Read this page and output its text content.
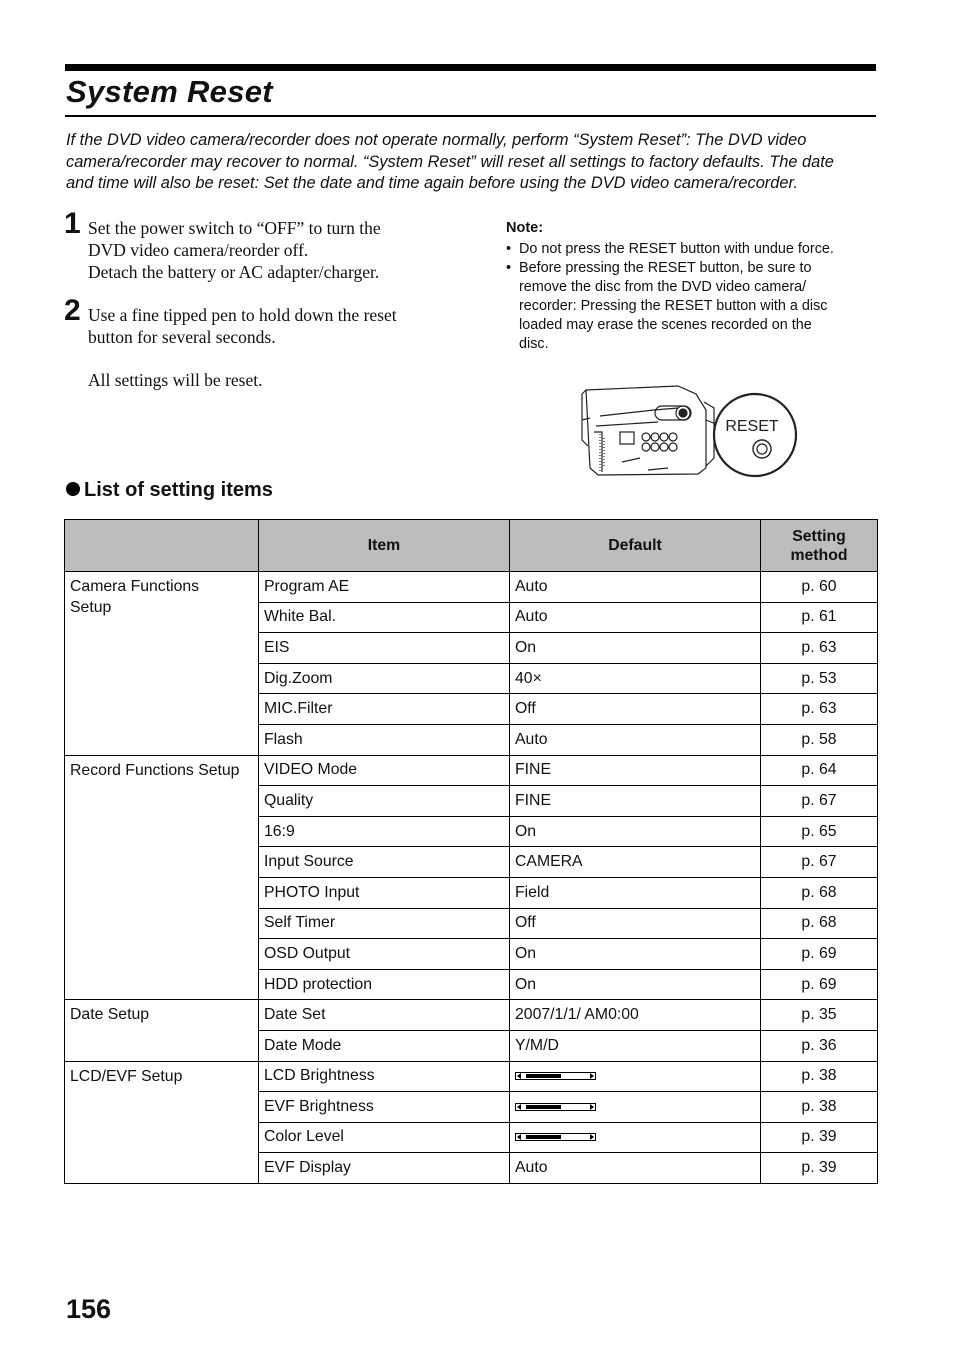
System Reset

If the DVD video camera/recorder does not operate normally, perform “System Reset”: The DVD video
camera/recorder may recover to normal. “System Reset” will reset all settings to factory defaults. The date
and time will also be reset: Set the date and time again before using the DVD video camera/recorder.

1 Set the power switch to “OFF” to turn the
DVD video camera/reorder off.
Detach the battery or AC adapter/charger.

2 Use a fine tipped pen to hold down the reset
button for several seconds.

All settings will be reset.

Note:
• Do not press the RESET button with undue force.
• Before pressing the RESET button, be sure to
remove the disc from the DVD video camera/
recorder: Pressing the RESET button with a disc
loaded may erase the scenes recorded on the
disc.
RESET
List of setting items
	Item	Default	Setting
method
Camera Functions Setup	Program AE	Auto	p. 60
	White Bal.	Auto	p. 61
	EIS	On	p. 63
	Dig.Zoom	40×	p. 53
	MIC.Filter	Off	p. 63
	Flash	Auto	p. 58
Record Functions Setup	VIDEO Mode	FINE	p. 64
	Quality	FINE	p. 67
	16:9	On	p. 65
	Input Source	CAMERA	p. 67
	PHOTO Input	Field	p. 68
	Self Timer	Off	p. 68
	OSD Output	On	p. 69
	HDD protection	On	p. 69
Date Setup	Date Set	2007/1/1/ AM0:00	p. 35
	Date Mode	Y/M/D	p. 36
LCD/EVF Setup	LCD Brightness		p. 38
	EVF Brightness		p. 38
	Color Level		p. 39
	EVF Display	Auto	p. 39
156
